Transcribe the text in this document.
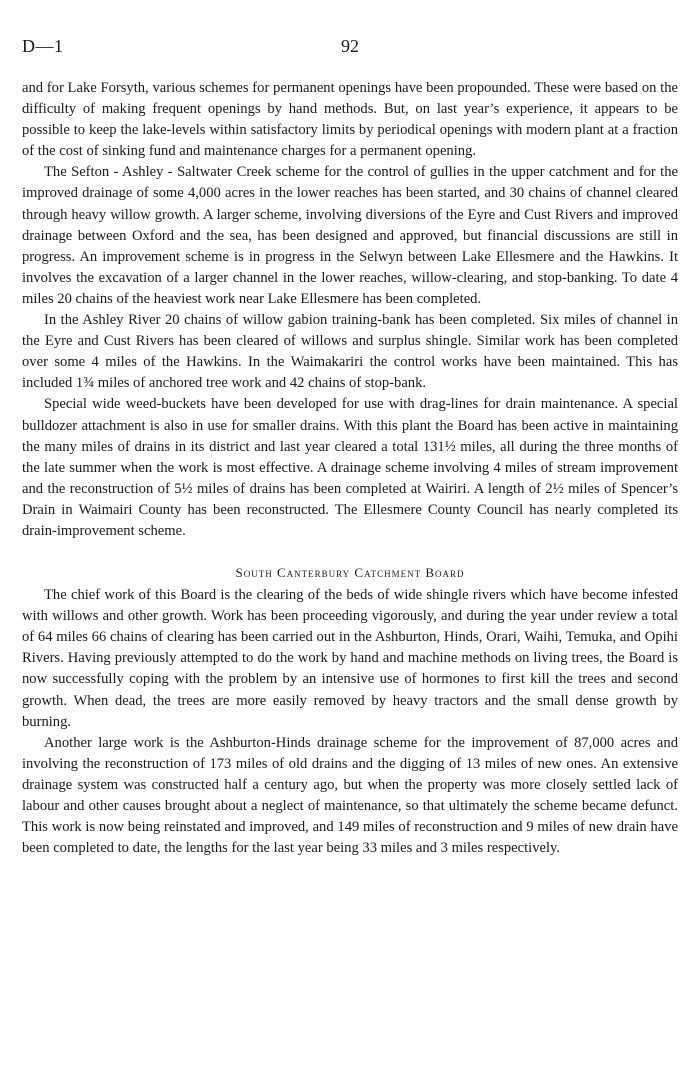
D—1	92

and for Lake Forsyth, various schemes for permanent openings have been propounded. These were based on the difficulty of making frequent openings by hand methods. But, on last year’s experience, it appears to be possible to keep the lake-levels within satisfactory limits by periodical openings with modern plant at a fraction of the cost of sinking fund and maintenance charges for a permanent opening.

The Sefton - Ashley - Saltwater Creek scheme for the control of gullies in the upper catchment and for the improved drainage of some 4,000 acres in the lower reaches has been started, and 30 chains of channel cleared through heavy willow growth. A larger scheme, involving diversions of the Eyre and Cust Rivers and improved drainage between Oxford and the sea, has been designed and approved, but financial discussions are still in progress. An improvement scheme is in progress in the Selwyn between Lake Ellesmere and the Hawkins. It involves the excavation of a larger channel in the lower reaches, willow-clearing, and stop-banking. To date 4 miles 20 chains of the heaviest work near Lake Ellesmere has been completed.

In the Ashley River 20 chains of willow gabion training-bank has been completed. Six miles of channel in the Eyre and Cust Rivers has been cleared of willows and surplus shingle. Similar work has been completed over some 4 miles of the Hawkins. In the Waimakariri the control works have been maintained. This has included 1¾ miles of anchored tree work and 42 chains of stop-bank.

Special wide weed-buckets have been developed for use with drag-lines for drain maintenance. A special bulldozer attachment is also in use for smaller drains. With this plant the Board has been active in maintaining the many miles of drains in its district and last year cleared a total 131½ miles, all during the three months of the late summer when the work is most effective. A drainage scheme involving 4 miles of stream improvement and the reconstruction of 5½ miles of drains has been completed at Wairiri. A length of 2½ miles of Spencer’s Drain in Waimairi County has been reconstructed. The Ellesmere County Council has nearly completed its drain-improvement scheme.

South Canterbury Catchment Board

The chief work of this Board is the clearing of the beds of wide shingle rivers which have become infested with willows and other growth. Work has been proceeding vigorously, and during the year under review a total of 64 miles 66 chains of clearing has been carried out in the Ashburton, Hinds, Orari, Waihi, Temuka, and Opihi Rivers. Having previously attempted to do the work by hand and machine methods on living trees, the Board is now successfully coping with the problem by an intensive use of hormones to first kill the trees and second growth. When dead, the trees are more easily removed by heavy tractors and the small dense growth by burning.

Another large work is the Ashburton-Hinds drainage scheme for the improvement of 87,000 acres and involving the reconstruction of 173 miles of old drains and the digging of 13 miles of new ones. An extensive drainage system was constructed half a century ago, but when the property was more closely settled lack of labour and other causes brought about a neglect of maintenance, so that ultimately the scheme became defunct. This work is now being reinstated and improved, and 149 miles of reconstruction and 9 miles of new drain have been completed to date, the lengths for the last year being 33 miles and 3 miles respectively.
